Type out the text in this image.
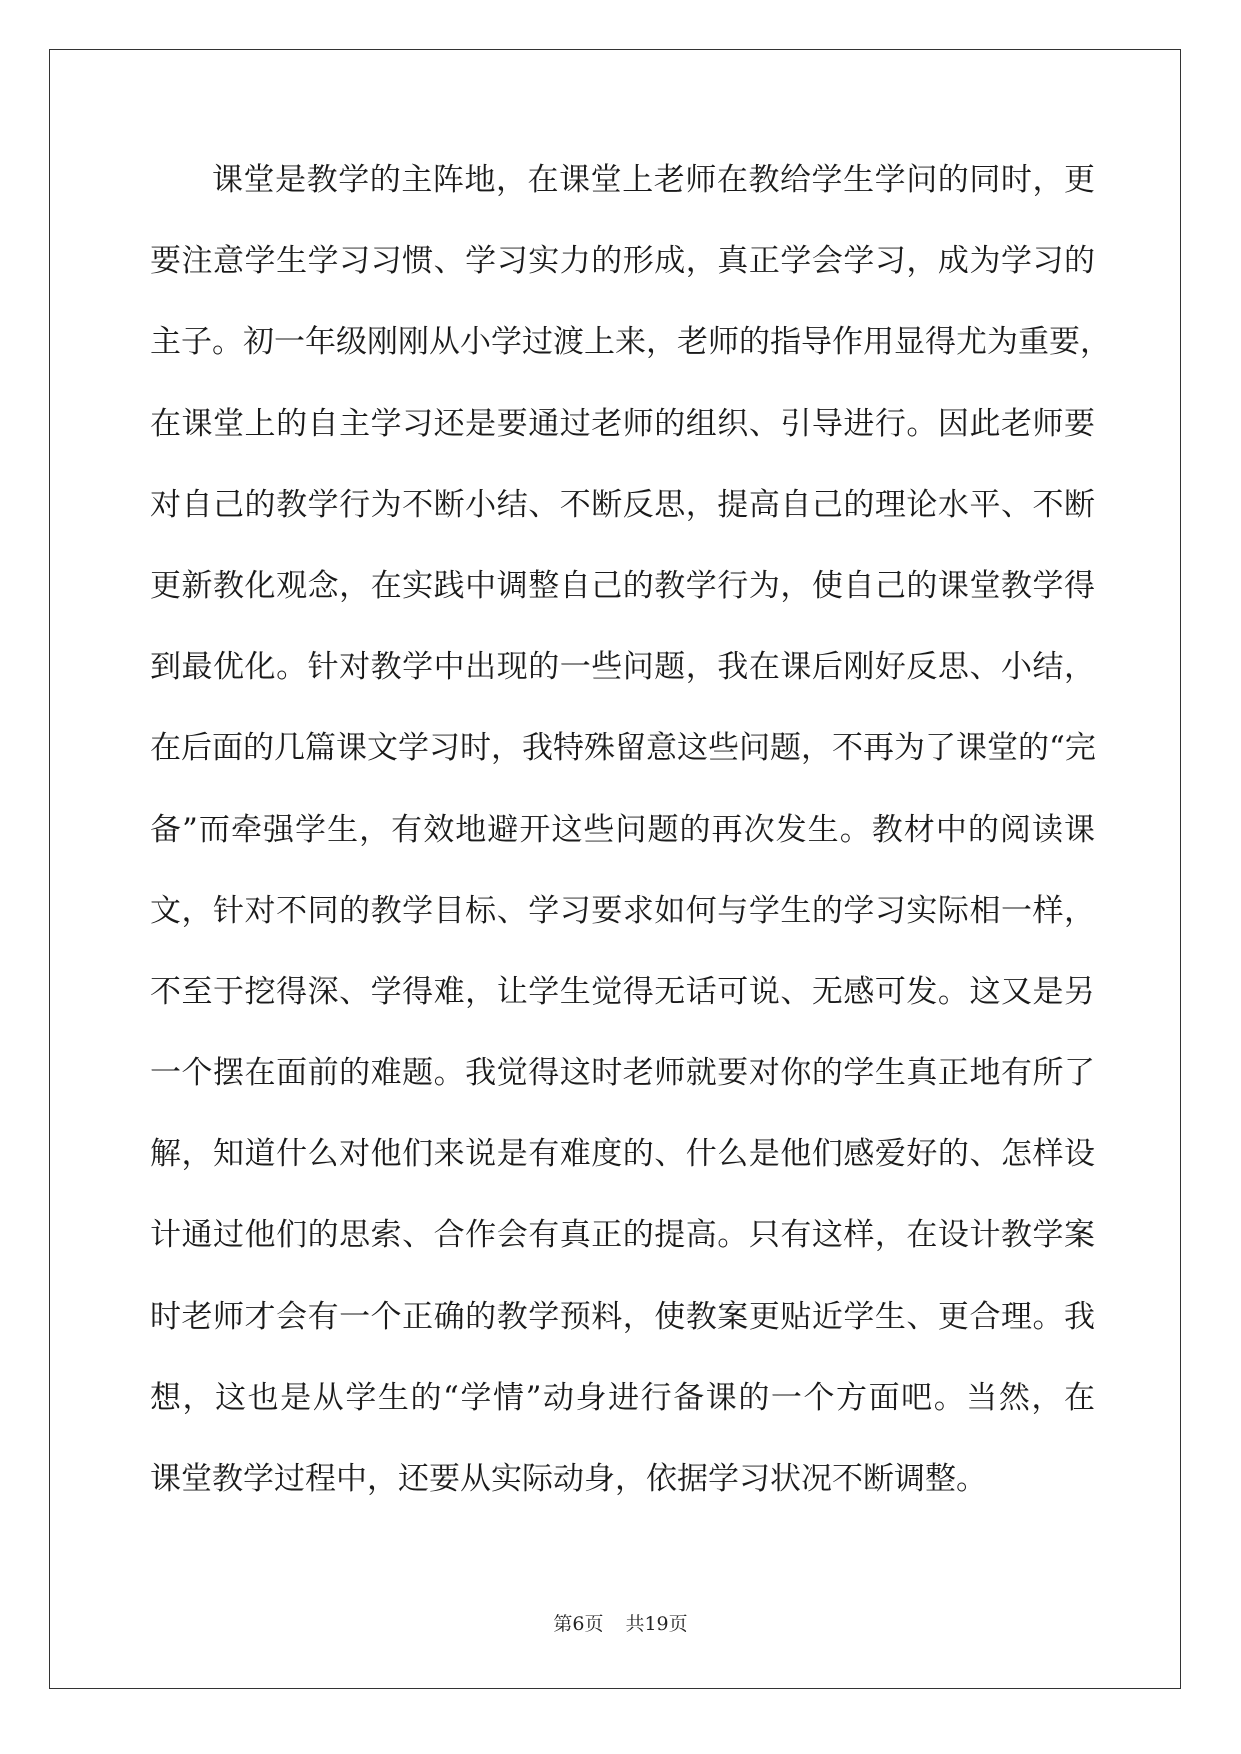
课堂是教学的主阵地，在课堂上老师在教给学生学问的同时，更
要注意学生学习习惯、学习实力的形成，真正学会学习，成为学习的
主子。初一年级刚刚从小学过渡上来，老师的指导作用显得尤为重要，
在课堂上的自主学习还是要通过老师的组织、引导进行。因此老师要
对自己的教学行为不断小结、不断反思，提高自己的理论水平、不断
更新教化观念，在实践中调整自己的教学行为，使自己的课堂教学得
到最优化。针对教学中出现的一些问题，我在课后刚好反思、小结，
在后面的几篇课文学习时，我特殊留意这些问题，不再为了课堂的“完
备”而牵强学生，有效地避开这些问题的再次发生。教材中的阅读课
文，针对不同的教学目标、学习要求如何与学生的学习实际相一样，
不至于挖得深、学得难，让学生觉得无话可说、无感可发。这又是另
一个摆在面前的难题。我觉得这时老师就要对你的学生真正地有所了
解，知道什么对他们来说是有难度的、什么是他们感爱好的、怎样设
计通过他们的思索、合作会有真正的提高。只有这样，在设计教学案
时老师才会有一个正确的教学预料，使教案更贴近学生、更合理。我
想，这也是从学生的“学情”动身进行备课的一个方面吧。当然，在
课堂教学过程中，还要从实际动身，依据学习状况不断调整。
第6页 共19页
